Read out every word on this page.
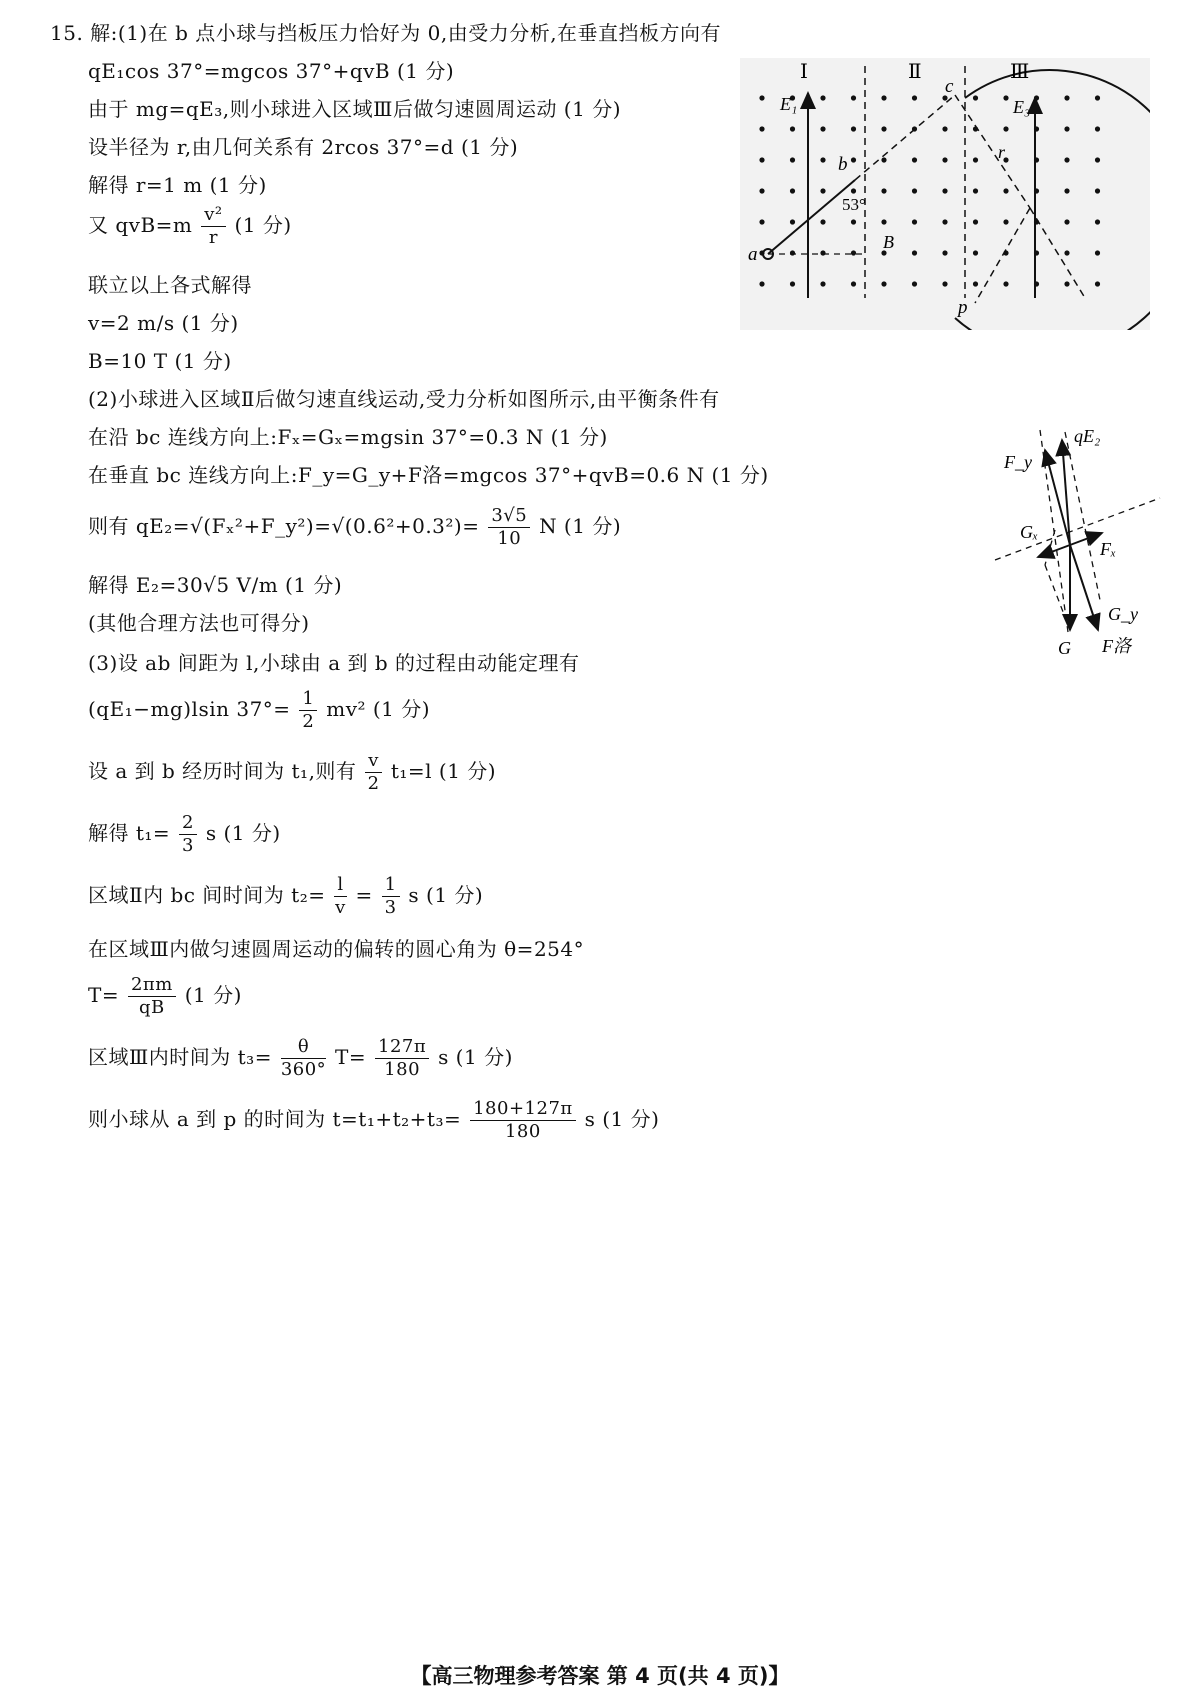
15. 解:(1)在 b 点小球与挡板压力恰好为 0,由受力分析,在垂直挡板方向有
qE₁cos 37°=mgcos 37°+qvB (1 分)
由于 mg=qE₃,则小球进入区域Ⅲ后做匀速圆周运动 (1 分)
设半径为 r,由几何关系有 2rcos 37°=d (1 分)
解得 r=1 m (1 分)
又 $qvB=m \frac{\text{v²}}{r} (1$ 分)
联立以上各式解得
v=2 m/s (1 分)
B=10 T (1 分)
(2)小球进入区域Ⅱ后做匀速直线运动,受力分析如图所示,由平衡条件有
在沿 bc 连线方向上:Fₓ=Gₓ=mgsin 37°=0.3 N (1 分)
在垂直 bc 连线方向上:F_y=G_y+F洛=mgcos 37°+qvB=0.6 N (1 分)
则有 qE₂=√(Fₓ²+F_y²)=√(0.6²+0.3²)= $\frac{3√5}{10}$ N (1 分)
解得 E₂=30√5 V/m (1 分)
(其他合理方法也可得分)
(3)设 ab 间距为 l,小球由 a 到 b 的过程由动能定理有
(qE₁−mg)lsin $37^\circ= \frac{1}{2} mv^2$ (1 分)
设 a 到 b 经历时间为 t₁,则有 $\frac{v}{2} t_1=l$ (1 分)
解得 $t_1= \frac{2}{3}$ s (1 分)
区域Ⅱ内 bc 间时间为 $t_2= \frac{l}{v} = \frac{1}{3}$ s (1 分)
在区域Ⅲ内做匀速圆周运动的偏转的圆心角为 θ=254°
$T= \frac{2\pi m}{qB} (1$ 分)
区域Ⅲ内时间为 $t_3= \frac{\theta}{360^\circ} T= \frac{127\pi}{180}$ s (1 分)
则小球从 a 到 p 的时间为 $t=t_1+t_2+t_3= \frac{180+127\pi}{180}$ s (1 分)
Ⅰ	Ⅱ	Ⅲ
E₁	E₃
a
b
c
p
53°
B
r
qE₂
F_y
Gₓ
Fₓ
G_y
G F洛
【高三物理参考答案 第 4 页(共 4 页)】
